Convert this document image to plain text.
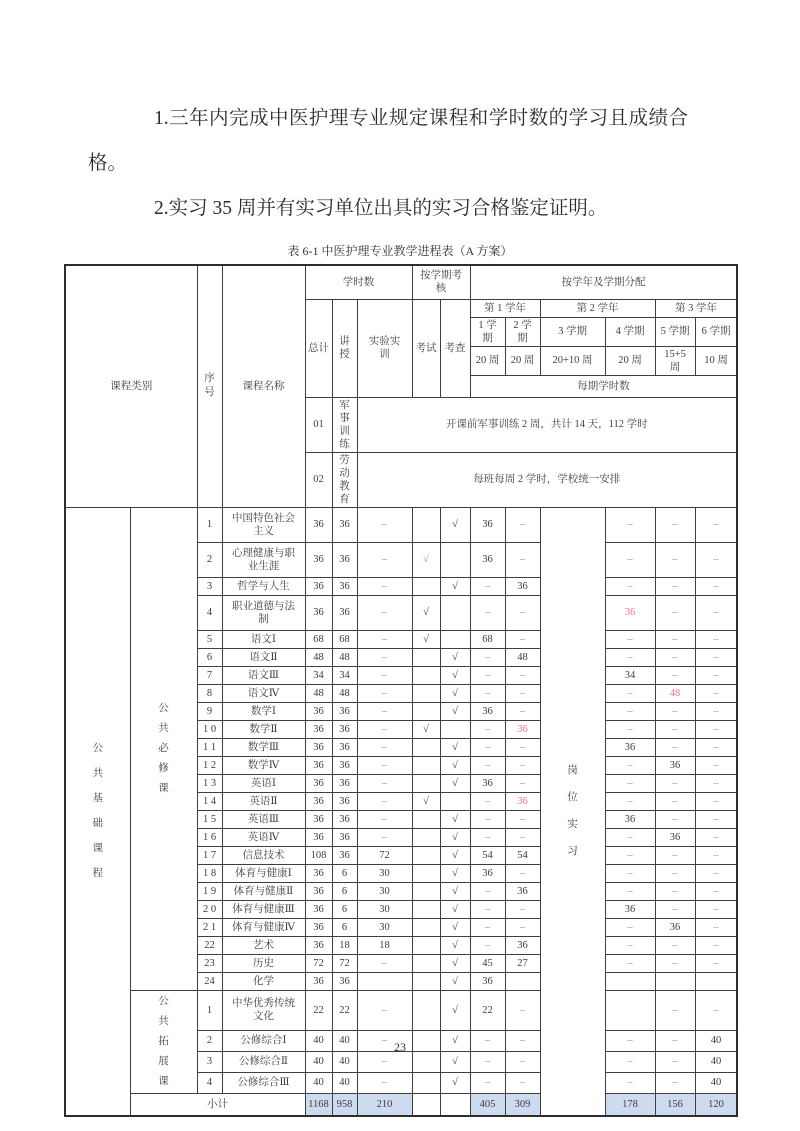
1.三年内完成中医护理专业规定课程和学时数的学习且成绩合格。

2.实习 35 周并有实习单位出具的实习合格鉴定证明。

表 6-1 中医护理专业教学进程表（A 方案）
课程类别		序号	课程名称	学时数			按学期考核		按学年及学期分配					
				总计	讲授	实验实训	考试	考查	第 1 学年		第 2 学年		第 3 学年	
									1 学期	2 学期	3 学期	4 学期	5 学期	6 学期
									20 周	20 周	20+10 周	20 周	15+5 周	10 周
									每期学时数					
				01	军事训练	开课前军事训练 2 周，共计 14 天，112 学时								
				02	劳动教育	每班每周 2 学时，学校统一安排								
公共基础课程	公共必修课	1	中国特色社会主义	36	36	–		√	36	–	岗位实习	–	–	–
		2	心理健康与职业生涯	36	36	–	√		36	–		–	–	–
		3	哲学与人生	36	36	–		√	–	36		–	–	–
		4	职业道德与法制	36	36	–	√		–	–		36	–	–
		5	语文Ⅰ	68	68	–	√		68	–		–	–	–
		6	语文Ⅱ	48	48	–		√	–	48		–	–	–
		7	语文Ⅲ	34	34	–		√	–	–		34	–	–
		8	语文Ⅳ	48	48	–		√	–	–		–	48	–
		9	数学Ⅰ	36	36	–		√	36	–		–	–	–
		1 0	数学Ⅱ	36	36	–	√		–	36		–	–	–
		1 1	数学Ⅲ	36	36	–		√	–	–		36	–	–
		1 2	数学Ⅳ	36	36	–		√	–	–		–	36	–
		1 3	英语Ⅰ	36	36	–		√	36	–		–	–	–
		1 4	英语Ⅱ	36	36	–	√		–	36		–	–	–
		1 5	英语Ⅲ	36	36	–		√	–	–		36	–	–
		1 6	英语Ⅳ	36	36	–		√	–	–		–	36	–
		1 7	信息技术	108	36	72		√	54	54		–	–	–
		1 8	体育与健康Ⅰ	36	6	30		√	36	–		–	–	–
		1 9	体育与健康Ⅱ	36	6	30		√	–	36		–	–	–
		2 0	体育与健康Ⅲ	36	6	30		√	–	–		36	–	–
		2 1	体育与健康Ⅳ	36	6	30		√	–	–		–	36	–
		22	艺术	36	18	18		√	–	36		–	–	–
		23	历史	72	72	–		√	45	27		–	–	–
		24	化学	36	36			√	36					
	公共拓展课	1	中华优秀传统文化	22	22	–		√	22	–			–	–
		2	公修综合Ⅰ	40	40	–		√	–	–		–	–	40
		3	公修综合Ⅱ	40	40	–		√	–	–		–	–	40
		4	公修综合Ⅲ	40	40	–		√	–	–		–	–	40
	小计			1168	958	210			405	309		178	156	120
23
